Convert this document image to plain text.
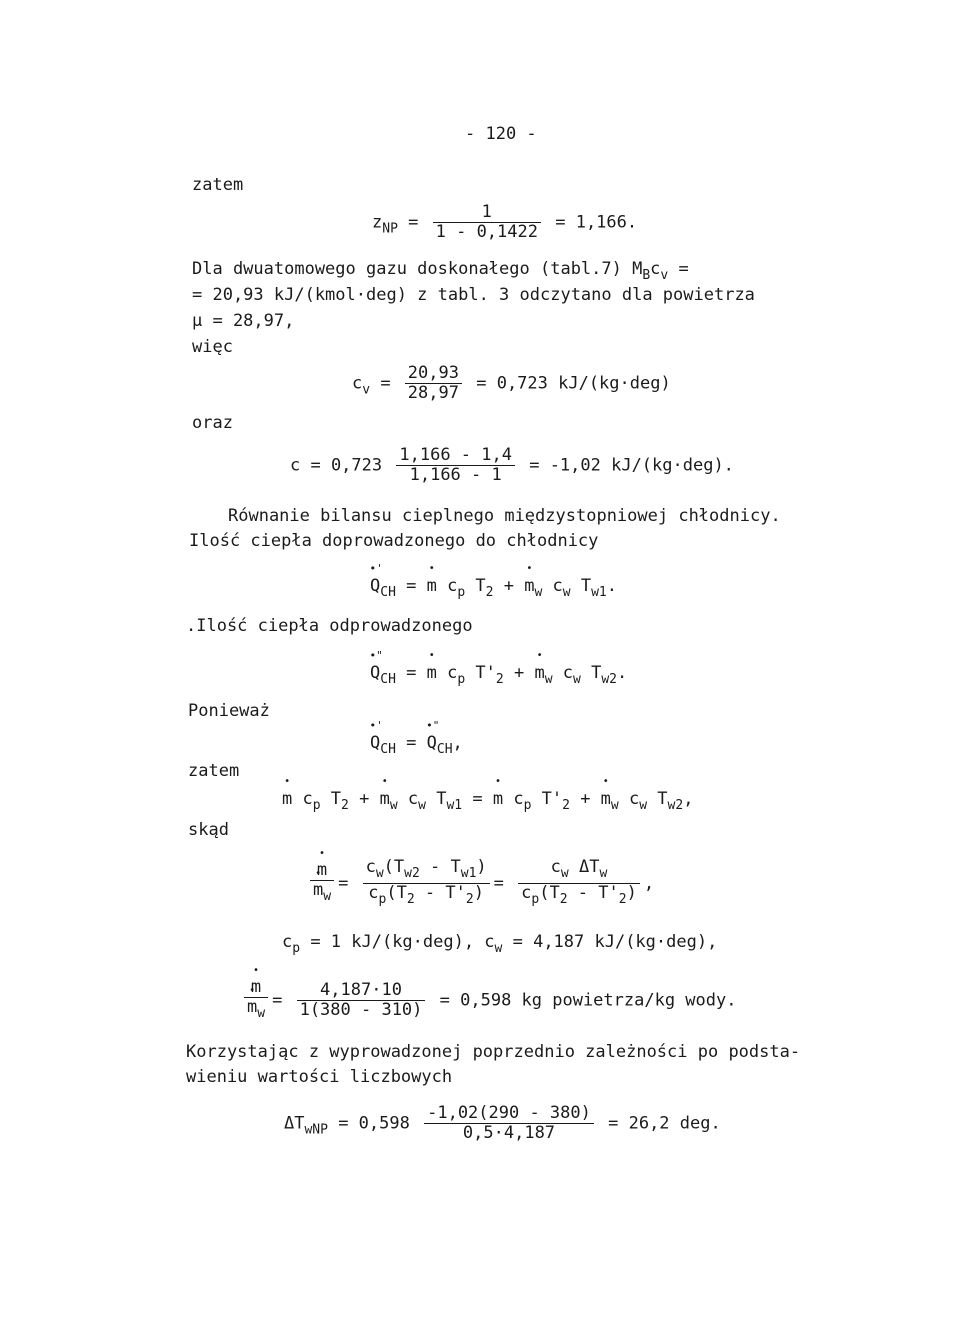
- 120 -
zatem
$z_{NP} = \frac{1}{1 - 0,1422} = 1,166$.
Dla dwuatomowego gazu doskonałego (tabl.7) $M_Bc_v$ =
= 20,93 kJ/(kmol·deg) z tabl. 3 odczytano dla powietrza
μ = 28,97,
więc
$c_v = \frac{20,93}{28,97} = 0,723$ kJ/(kg·deg)
oraz
$c = 0,723 \frac{1,166 - 1,4}{1,166 - 1} = -1,02$ kJ/(kg·deg).
Równanie bilansu cieplnego międzystopniowej chłodnicy.
Ilość ciepła doprowadzonego do chłodnicy
•' $Q_{CH}$ = • m $c_p$ $T_2$ + • $m_w$ $c_w$ $T_{w1}$.
.Ilość ciepła odprowadzonego
•" $Q_{CH}$ = • m $c_p$ $T'_2$ + • $m_w$ $c_w$ $T_{w2}$.
Ponieważ
•' $Q_{CH}$ = •" $Q_{CH}$,
zatem
• m $c_p$ $T_2$ + • $m_w$ $c_w$ $T_{w1}$ = • m $c_p$ $T'_2$ + • $m_w$ $c_w$ $T_{w2}$,
skąd
• m
• $m_w = \frac{c_w(T_{w2} - T_{w1})}{c_p(T_2 - T'_2)} = \frac{c_w \Delta T_w}{c_p(T_2 - T'_2)}$ ,
$c_p = 1$ kJ/(kg·deg), $c_w = 4,187$ kJ/(kg·deg),
• m
• $m_w = \frac{4,187\cdot 10}{1(380 - 310)} = 0,598$ kg powietrza/kg wody.
Korzystając z wyprowadzonej poprzednio zależności po podsta-
wieniu wartości liczbowych
$\Delta T_{wNP} = 0,598 \frac{-1,02(290 - 380)}{0,5\cdot 4,187} = 26,2$ deg.
